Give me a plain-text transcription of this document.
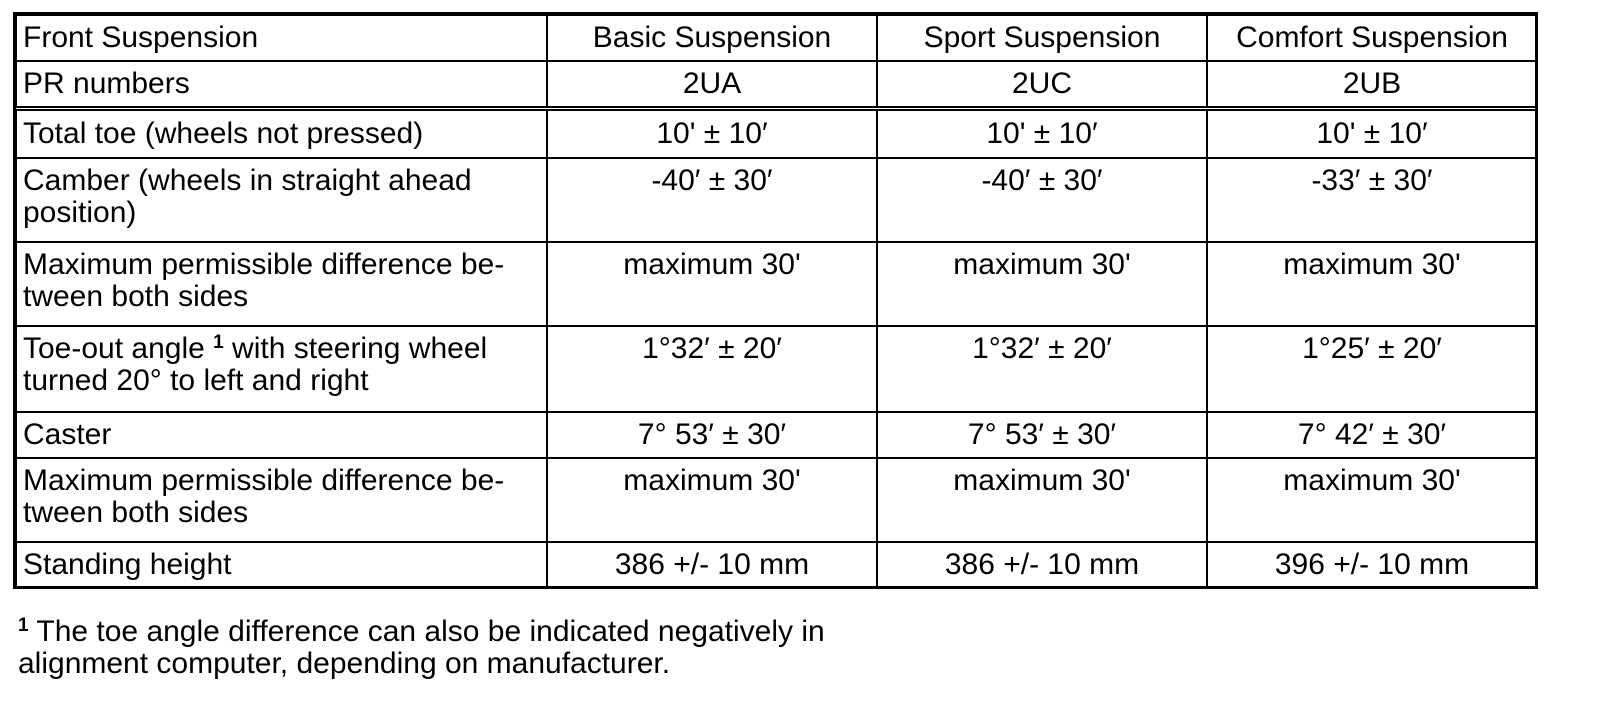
Front Suspension	Basic Suspension	Sport Suspension	Comfort Suspension
PR numbers	2UA	2UC	2UB
Total toe (wheels not pressed)	10' ± 10′	10' ± 10′	10' ± 10′
Camber (wheels in straight ahead
position)	-40′ ± 30′	-40′ ± 30′	-33′ ± 30′
Maximum permissible difference be-
tween both sides	maximum 30'	maximum 30'	maximum 30'
Toe-out angle $^1$ with steering wheel
turned 20° to left and right	1°32′ ± 20′	1°32′ ± 20′	1°25′ ± 20′
Caster	7° 53′ ± 30′	7° 53′ ± 30′	7° 42′ ± 30′
Maximum permissible difference be-
tween both sides	maximum 30'	maximum 30'	maximum 30'
Standing height	386 +/- 10 mm	386 +/- 10 mm	396 +/- 10 mm
$^1$ The toe angle difference can also be indicated negatively in
alignment computer, depending on manufacturer.
